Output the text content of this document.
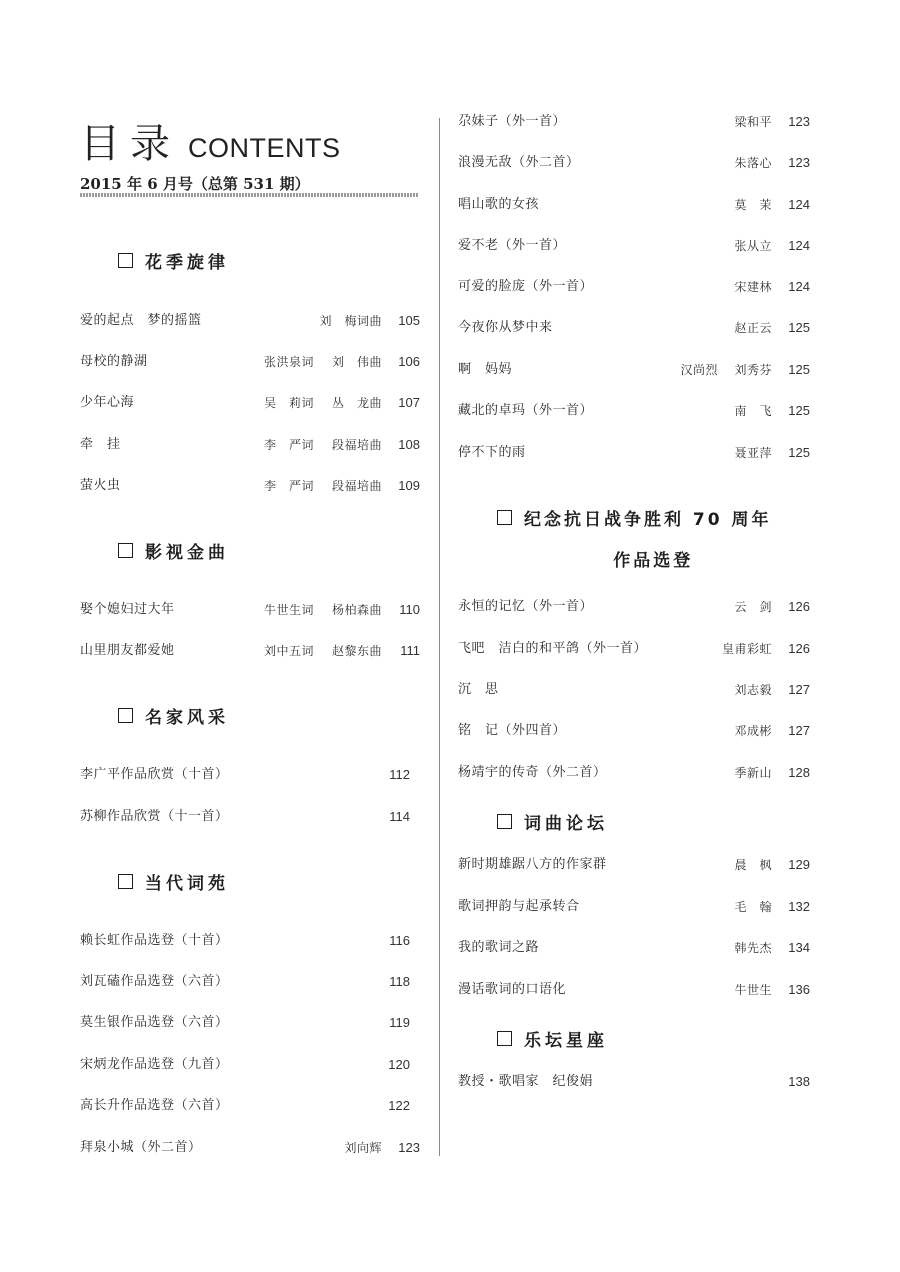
目录 CONTENTS
2015 年 6 月号（总第 531 期）
花季旋律
爱的起点　梦的摇篮	刘　梅词曲	105
母校的静湖	张洪泉词 刘　伟曲	106
少年心海	吴　莉词 丛　龙曲	107
牵　挂	李　严词 段福培曲	108
萤火虫	李　严词 段福培曲	109
影视金曲
娶个媳妇过大年	牛世生词 杨柏森曲	110
山里朋友都爱她	刘中五词 赵黎东曲	111
名家风采
李广平作品欣赏（十首）	112
苏柳作品欣赏（十一首）	114
当代词苑
赖长虹作品选登（十首）	116
刘瓦磕作品选登（六首）	118
莫生银作品选登（六首）	119
宋炳龙作品选登（九首）	120
高长升作品选登（六首）	122
拜泉小城（外二首）	刘向辉	123
尕妹子（外一首）	梁和平	123
浪漫无敌（外二首）	朱落心	123
唱山歌的女孩	莫　茉	124
爱不老（外一首）	张从立	124
可爱的脸庞（外一首）	宋建林	124
今夜你从梦中来	赵正云	125
啊　妈妈	汉尚烈 刘秀芬	125
藏北的卓玛（外一首）	南　飞	125
停不下的雨	聂亚萍	125
纪念抗日战争胜利 70 周年
作品选登
永恒的记忆（外一首）	云　剑	126
飞吧　洁白的和平鸽（外一首）	皇甫彩虹	126
沉　思	刘志毅	127
铭　记（外四首）	邓成彬	127
杨靖宇的传奇（外二首）	季新山	128
词曲论坛
新时期雄踞八方的作家群	晨　枫	129
歌词押韵与起承转合	毛　翰	132
我的歌词之路	韩先杰	134
漫话歌词的口语化	牛世生	136
乐坛星座
教授・歌唱家　纪俊娟	138
